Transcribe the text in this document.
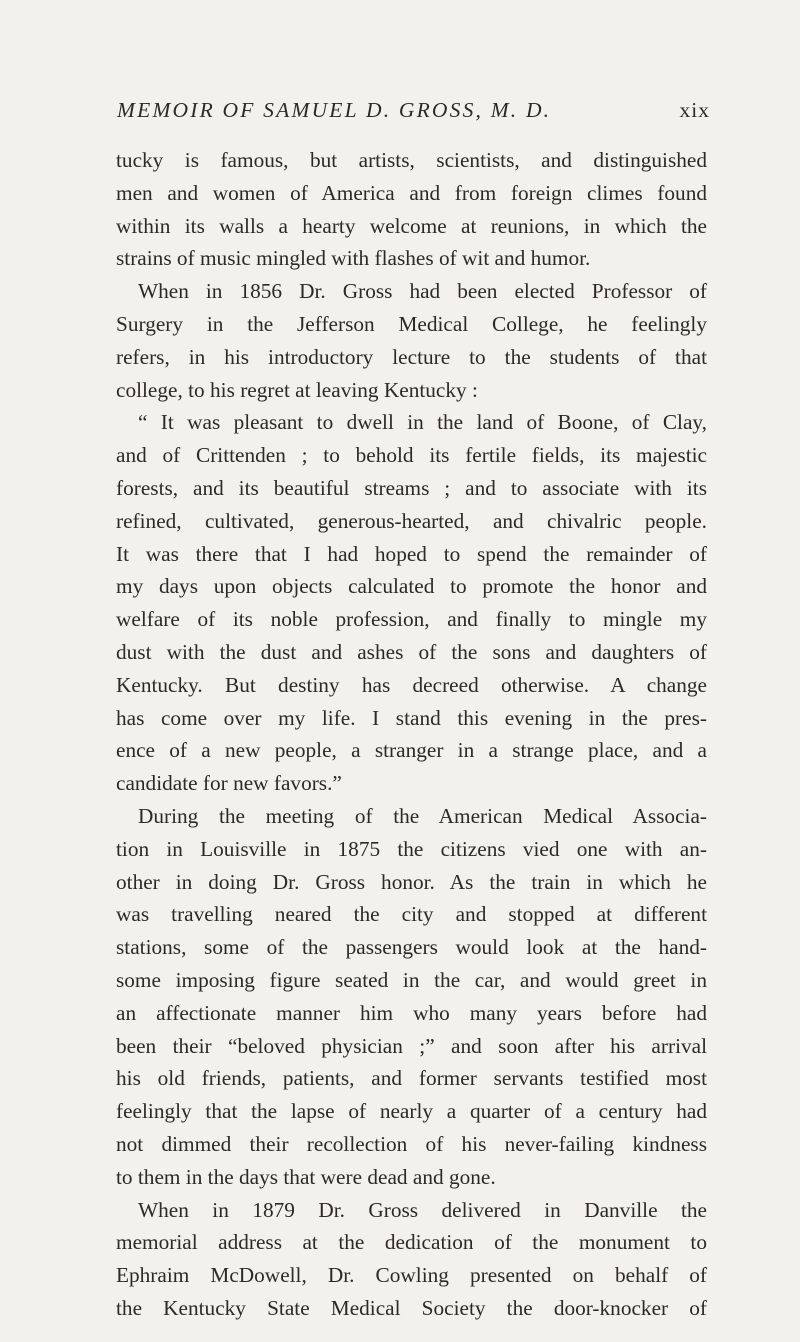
MEMOIR OF SAMUEL D. GROSS, M. D.	xix
tucky is famous, but artists, scientists, and distinguished
men and women of America and from foreign climes found
within its walls a hearty welcome at reunions, in which the
strains of music mingled with flashes of wit and humor.
When in 1856 Dr. Gross had been elected Professor of
Surgery in the Jefferson Medical College, he feelingly
refers, in his introductory lecture to the students of that
college, to his regret at leaving Kentucky :
“ It was pleasant to dwell in the land of Boone, of Clay,
and of Crittenden ; to behold its fertile fields, its majestic
forests, and its beautiful streams ; and to associate with its
refined, cultivated, generous-hearted, and chivalric people.
It was there that I had hoped to spend the remainder of
my days upon objects calculated to promote the honor and
welfare of its noble profession, and finally to mingle my
dust with the dust and ashes of the sons and daughters of
Kentucky. But destiny has decreed otherwise. A change
has come over my life. I stand this evening in the pres-
ence of a new people, a stranger in a strange place, and a
candidate for new favors.”
During the meeting of the American Medical Associa-
tion in Louisville in 1875 the citizens vied one with an-
other in doing Dr. Gross honor. As the train in which he
was travelling neared the city and stopped at different
stations, some of the passengers would look at the hand-
some imposing figure seated in the car, and would greet in
an affectionate manner him who many years before had
been their “beloved physician ;” and soon after his arrival
his old friends, patients, and former servants testified most
feelingly that the lapse of nearly a quarter of a century had
not dimmed their recollection of his never-failing kindness
to them in the days that were dead and gone.
When in 1879 Dr. Gross delivered in Danville the
memorial address at the dedication of the monument to
Ephraim McDowell, Dr. Cowling presented on behalf of
the Kentucky State Medical Society the door-knocker of
